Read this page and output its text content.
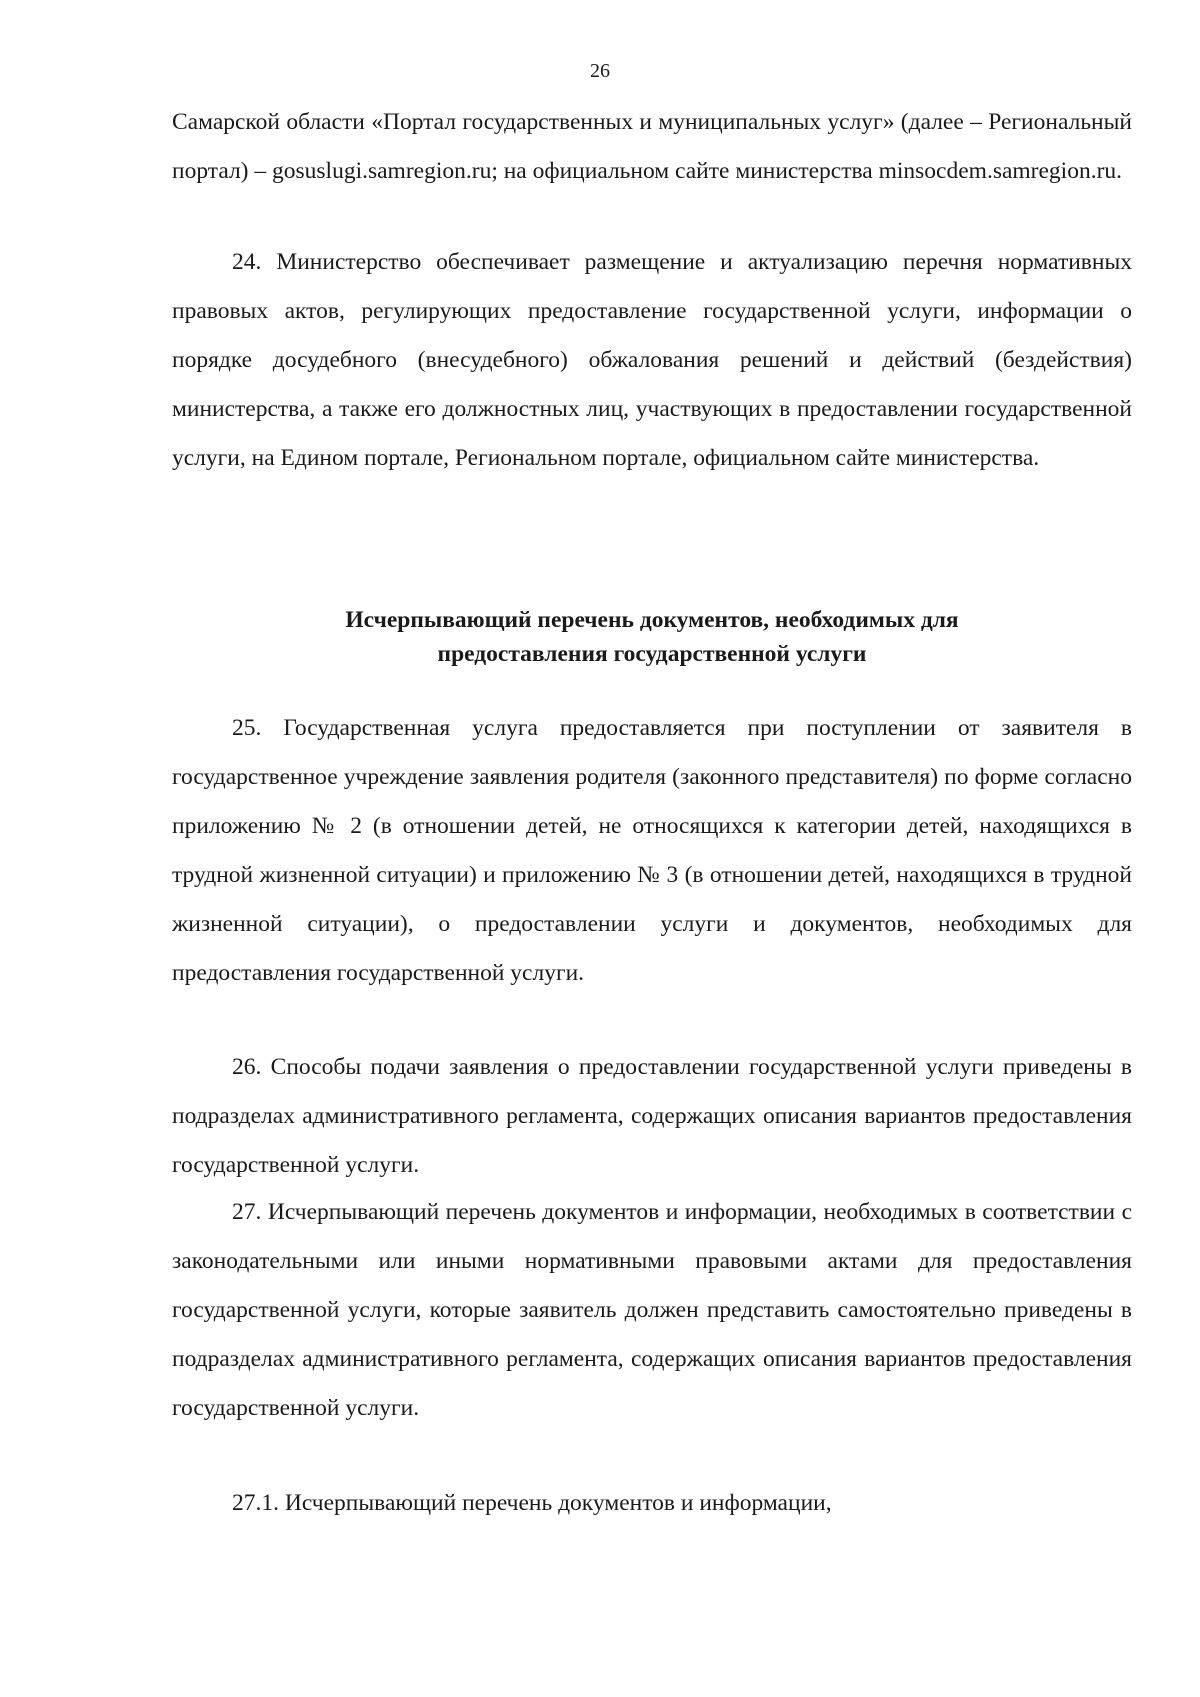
26

Самарской области «Портал государственных и муниципальных услуг» (далее – Региональный портал) – gosuslugi.samregion.ru; на официальном сайте министерства minsocdem.samregion.ru.

24. Министерство обеспечивает размещение и актуализацию перечня нормативных правовых актов, регулирующих предоставление государственной услуги, информации о порядке досудебного (внесудебного) обжалования решений и действий (бездействия) министерства, а также его должностных лиц, участвующих в предоставлении государственной услуги, на Едином портале, Региональном портале, официальном сайте министерства.

Исчерпывающий перечень документов, необходимых для
предоставления государственной услуги

25. Государственная услуга предоставляется при поступлении от заявителя в государственное учреждение заявления родителя (законного представителя) по форме согласно приложению № 2 (в отношении детей, не относящихся к категории детей, находящихся в трудной жизненной ситуации) и приложению № 3 (в отношении детей, находящихся в трудной жизненной ситуации), о предоставлении услуги и документов, необходимых для предоставления государственной услуги.

26. Способы подачи заявления о предоставлении государственной услуги приведены в подразделах административного регламента, содержащих описания вариантов предоставления государственной услуги.

27. Исчерпывающий перечень документов и информации, необходимых в соответствии с законодательными или иными нормативными правовыми актами для предоставления государственной услуги, которые заявитель должен представить самостоятельно приведены в подразделах административного регламента, содержащих описания вариантов предоставления государственной услуги.

27.1. Исчерпывающий перечень документов и информации,
